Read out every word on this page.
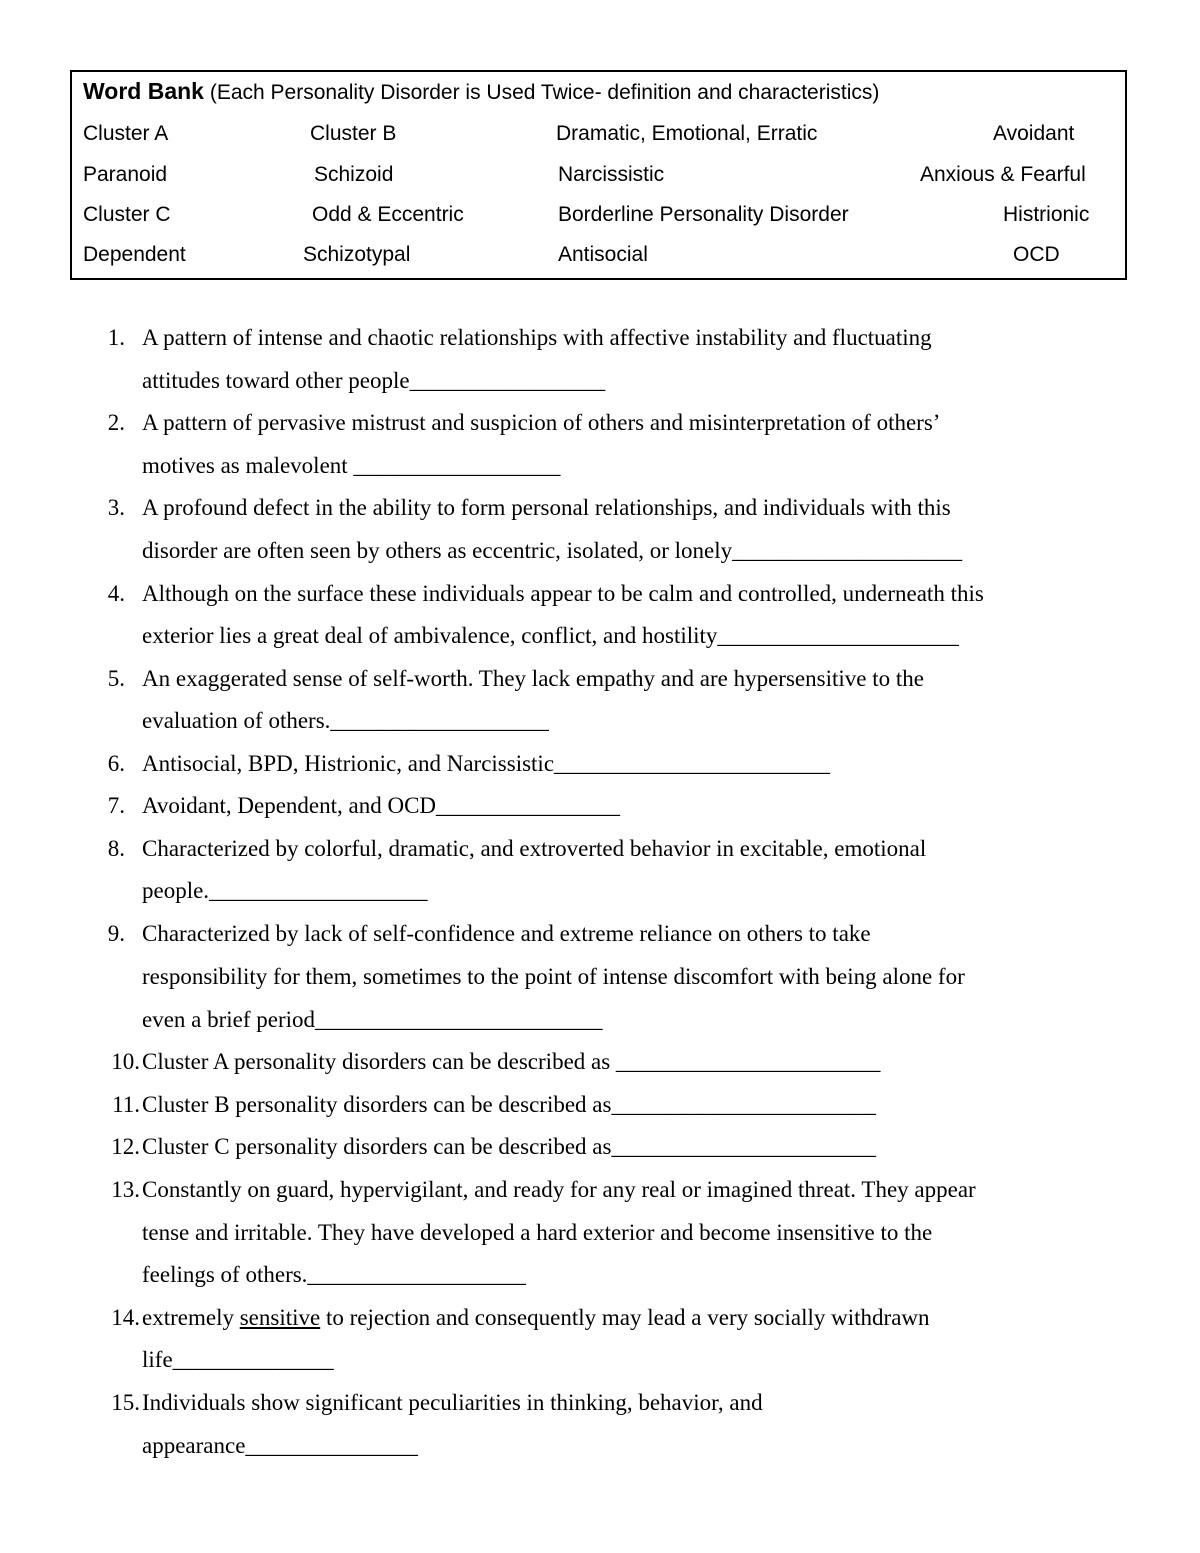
Word Bank (Each Personality Disorder is Used Twice- definition and characteristics)
Cluster A	Cluster B	Dramatic, Emotional, Erratic	Avoidant
Paranoid	Schizoid	Narcissistic	Anxious & Fearful
Cluster C	Odd & Eccentric	Borderline Personality Disorder	Histrionic
Dependent	Schizotypal	Antisocial	OCD
1. A pattern of intense and chaotic relationships with affective instability and fluctuating
attitudes toward other people_________________
2. A pattern of pervasive mistrust and suspicion of others and misinterpretation of others’
motives as malevolent __________________
3. A profound defect in the ability to form personal relationships, and individuals with this
disorder are often seen by others as eccentric, isolated, or lonely____________________
4. Although on the surface these individuals appear to be calm and controlled, underneath this
exterior lies a great deal of ambivalence, conflict, and hostility_____________________
5. An exaggerated sense of self-worth. They lack empathy and are hypersensitive to the
evaluation of others.___________________
6. Antisocial, BPD, Histrionic, and Narcissistic________________________
7. Avoidant, Dependent, and OCD________________
8. Characterized by colorful, dramatic, and extroverted behavior in excitable, emotional
people.___________________
9. Characterized by lack of self-confidence and extreme reliance on others to take
responsibility for them, sometimes to the point of intense discomfort with being alone for
even a brief period_________________________
10. Cluster A personality disorders can be described as _______________________
11. Cluster B personality disorders can be described as_______________________
12. Cluster C personality disorders can be described as_______________________
13. Constantly on guard, hypervigilant, and ready for any real or imagined threat. They appear
tense and irritable. They have developed a hard exterior and become insensitive to the
feelings of others.___________________
14. extremely sensitive to rejection and consequently may lead a very socially withdrawn
life______________
15. Individuals show significant peculiarities in thinking, behavior, and
appearance_______________
